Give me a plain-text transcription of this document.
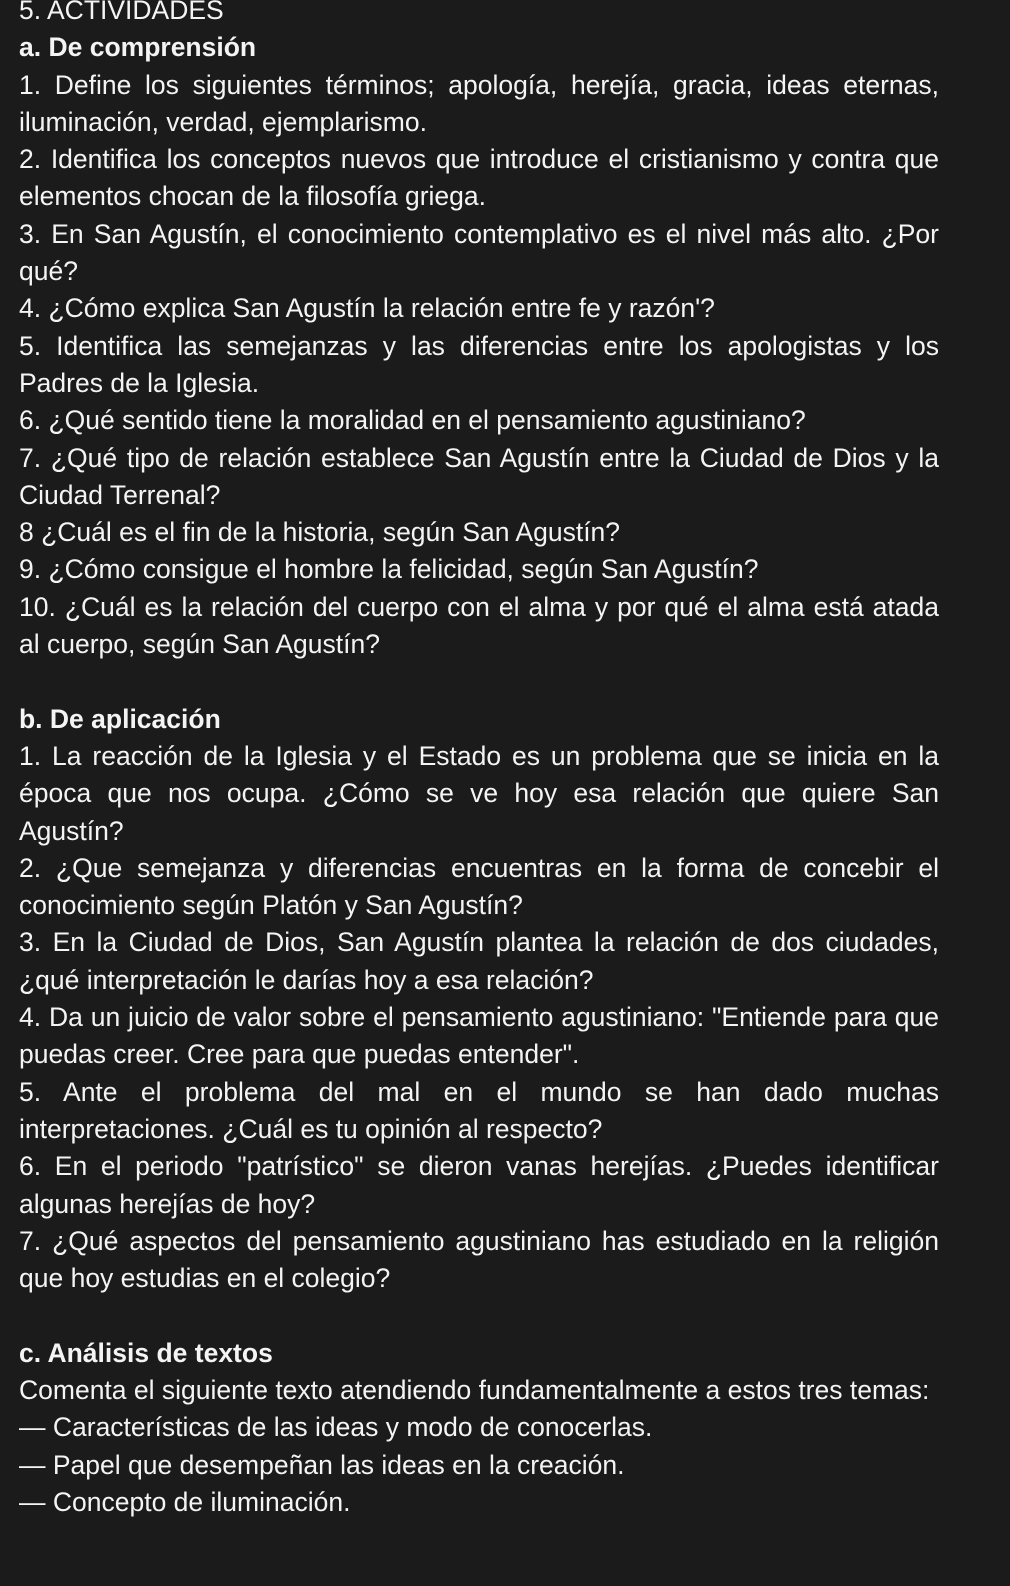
5. ACTIVIDADES
a. De comprensión

1. Define los siguientes términos; apología, herejía, gracia, ideas eternas, iluminación, verdad, ejemplarismo.

2. Identifica los conceptos nuevos que introduce el cristianismo y contra que elementos chocan de la filosofía griega.

3. En San Agustín, el conocimiento contemplativo es el nivel más alto. ¿Por qué?

4. ¿Cómo explica San Agustín la relación entre fe y razón'?

5. Identifica las semejanzas y las diferencias entre los apologistas y los Padres de la Iglesia.

6. ¿Qué sentido tiene la moralidad en el pensamiento agustiniano?

7. ¿Qué tipo de relación establece San Agustín entre la Ciudad de Dios y la Ciudad Terrenal?

8 ¿Cuál es el fin de la historia, según San Agustín?

9. ¿Cómo consigue el hombre la felicidad, según San Agustín?

10. ¿Cuál es la relación del cuerpo con el alma y por qué el alma está atada al cuerpo, según San Agustín?

b. De aplicación

1. La reacción de la Iglesia y el Estado es un problema que se inicia en la época que nos ocupa. ¿Cómo se ve hoy esa relación que quiere San Agustín?

2. ¿Que semejanza y diferencias encuentras en la forma de concebir el conocimiento según Platón y San Agustín?

3. En la Ciudad de Dios, San Agustín plantea la relación de dos ciudades, ¿qué interpretación le darías hoy a esa relación?

4. Da un juicio de valor sobre el pensamiento agustiniano: "Entiende para que puedas creer. Cree para que puedas entender".

5. Ante el problema del mal en el mundo se han dado muchas interpretaciones. ¿Cuál es tu opinión al respecto?

6. En el periodo "patrístico" se dieron vanas herejías. ¿Puedes identificar algunas herejías de hoy?

7. ¿Qué aspectos del pensamiento agustiniano has estudiado en la religión que hoy estudias en el colegio?

c. Análisis de textos

Comenta el siguiente texto atendiendo fundamentalmente a estos tres temas:

— Características de las ideas y modo de conocerlas.

— Papel que desempeñan las ideas en la creación.

— Concepto de iluminación.
